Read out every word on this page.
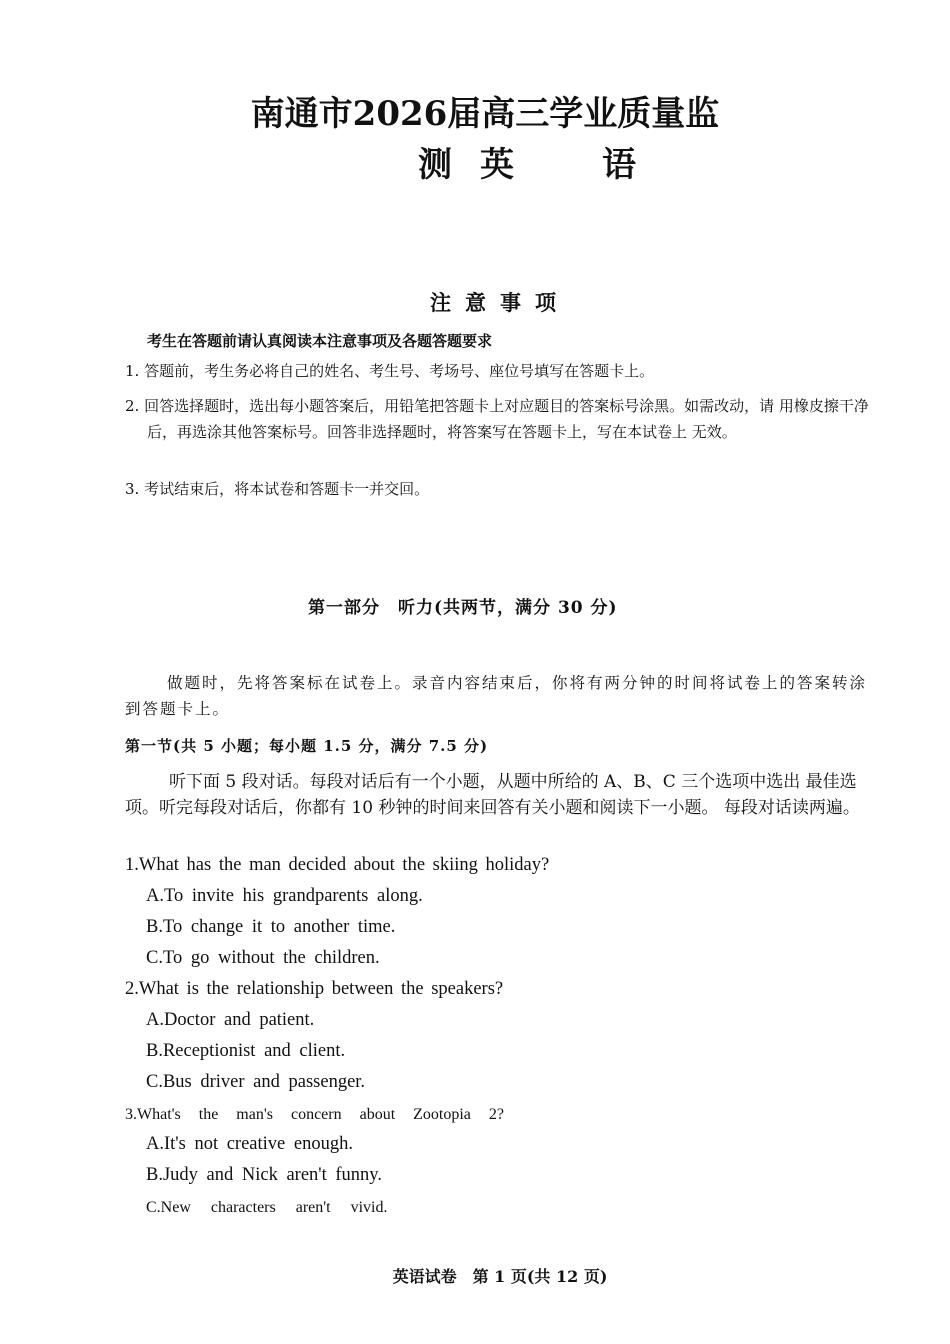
南通市2026届高三学业质量监
测 英	语
注意事项
考生在答题前请认真阅读本注意事项及各题答题要求
1. 答题前，考生务必将自己的姓名、考生号、考场号、座位号填写在答题卡上。
2. 回答选择题时，选出每小题答案后，用铅笔把答题卡上对应题目的答案标号涂黑。如需改动，请 用橡皮擦干净后，再选涂其他答案标号。回答非选择题时，将答案写在答题卡上，写在本试卷上 无效。
3. 考试结束后，将本试卷和答题卡一并交回。
第一部分　听力(共两节，满分 30 分)
做题时，先将答案标在试卷上。录音内容结束后，你将有两分钟的时间将试卷上的答案转涂到答题卡上。
第一节(共 5 小题；每小题 1.5 分，满分 7.5 分)
听下面 5 段对话。每段对话后有一个小题，从题中所给的 A、B、C 三个选项中选出 最佳选项。听完每段对话后，你都有 10 秒钟的时间来回答有关小题和阅读下一小题。 每段对话读两遍。
1.What has the man decided about the skiing holiday?
A.To invite his grandparents along.
B.To change it to another time.
C.To go without the children.
2.What is the relationship between the speakers?
A.Doctor and patient.
B.Receptionist and client.
C.Bus driver and passenger.
3.What's the man's concern about Zootopia 2?
A.It's not creative enough.
B.Judy and Nick aren't funny.
C.New characters aren't vivid.
英语试卷　第 1 页(共 12 页)
